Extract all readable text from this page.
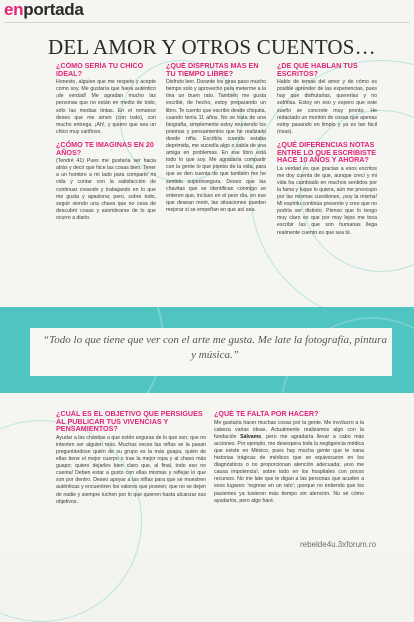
enportada
DEL AMOR Y OTROS CUENTOS…
¿CÓMO SERÍA TU CHICO IDEAL?
Honesto, alguien que me respete y acepte como soy. Me gustaría que fuera auténtico ¡de verdad! Me agradan mucho las personas que no están en medio de todo, sólo las medias tintas. En el romance deseo que me amen (con todo), con mucho entrega. ¡Ah!, y quiero que sea un chico muy cariñoso.
¿CÓMO TE IMAGINAS EN 20 AÑOS?
(Tendré 41) Pues me gustaría ver hacia atrás y decir que hice las cosas bien. Tener a un hombre a mi lado para compartir mi vida y contar con la satisfacción de continuar creando y trabajando en lo que me gusta y apasiona; pero, sobre todo, seguir siendo una chava que no cesa de descubrir cosas y asombrarse de lo que ocurre a diario.
¿QUÉ DISFRUTAS MÁS EN TU TIEMPO LIBRE?
Disfruto leer. Durante los giras paso mucho tiempo solo y aprovecho para meterme a la tina un buen rato. También me gusta escribir, de hecho, estoy preparando un libro. Te cuento que escribo desde chiquita, cuando tenía 11 años. No se trata de una biografía, simplemente estoy reuniendo los poemas y pensamientos que he realizado desde niña. Escribía cuando estaba deprimida, me sucedía algo o sabía de una amiga en problemas. En ese libro está todo lo que soy. Me agradaría compartir con la gente lo que pienso de la vida, para que se den cuenta de que también me he sentido superinsegura. Deseo que las chavitas que se identifican conmigo se enteren que, incluso en el peor día, en ese que desean morir, las situaciones pueden mejorar si se empeñan en que así sea.
¿DE QUÉ HABLAN TUS ESCRITOS?
Hablo de temas del amor y de cómo es posible aprender de las experiencias, pues hay que disfrutarlas, quererlas y no sufrirlas. Estoy en eso y espero que este sueño se concrete muy pronto. He redactado un montón de cosas que apenas estoy pasando en limpio y ya es tan fácil (risas).
¿QUÉ DIFERENCIAS NOTAS ENTRE LO QUE ESCRIBISTE HACE 10 AÑOS Y AHORA?
La verdad es que gracias a esos escritos me doy cuenta de que, aunque crecí y mi vida ha cambiado en muchos sentidos por la fama y luque lo quiera, aún me preocupo por las mismas cuestiones, ¡soy la misma! Mi espíritu continúa presente y creo que no podría ser distinto. Pienso que lo tengo muy claro es que por muy lejos me toca escribir las que son humanas llega realmente cuento es que sea tú.
“Todo lo que tiene que ver con el arte me gusta. Me late la fotografía, pintura y música.”
¿CUÁL ES EL OBJETIVO QUE PERSIGUES AL PUBLICAR TUS VIVENCIAS Y PENSAMIENTOS?
Ayudar a las chavitas a que estén seguras de lo que son; que no intenten ser alguien más. Muchas veces las niñas se la pasan preguntándose quién de su grupo es la más guapa, quién de ellas tiene el mejor cuerpo o trae la mejor ropa y al chavo más guapo; quiero dejarles bien claro que, al final, todo eso no cuenta! Deben estar a gusto con ellas mismas y reflejar lo que son por dentro. Deseo apoyar a las niñas para que se muestren auténticas y encuentren los valores que poseen; que no se dejen de nadie y siempre luchen por lo que quieren hasta alcanzar sus objetivos.
¿QUÉ TE FALTA POR HACER?
Me gustaría hacer muchas cosas por la gente. Me involucro a la cabeza varias ideas. Actualmente realizamos algo con la fundación Sálvame, pero me agradaría llevar a cabo más acciones. Por ejemplo, me desespera toda la negligencia médica que existe en México, pues hay mucha gente que te nana historias trágicas de médicos que se equivocaron en los diagnósticos o no proporcionan atención adecuada; ¡eso me causa impotencia!, sobre todo en los hospitales con pocos recursos. No me late que le digan a las personas que acuden a esos lugares: 'regrese en un rato'; ¡porque no entiendo que los pacientes ya tuvieron más tiempo sin atención. No sé cómo ayudarlos, pero algo haré.
rebelde4u.3xforum.ro
